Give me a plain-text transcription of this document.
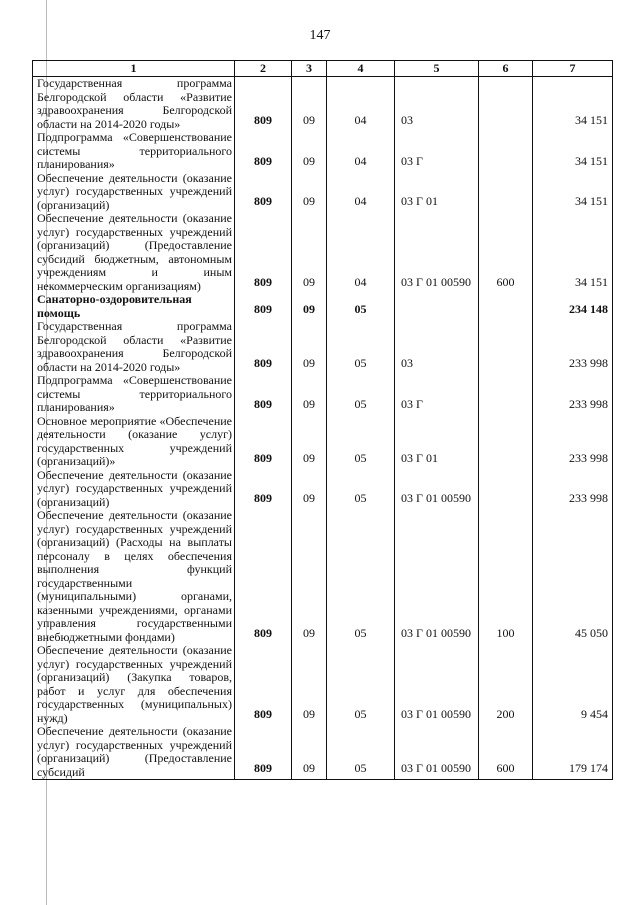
147
1	2	3	4	5	6	7
Государственная программа Белгородской области «Развитие здравоохранения Белгородской области на 2014-2020 годы»	809	09	04	03		34 151
Подпрограмма «Совершенствование системы территориального планирования»	809	09	04	03 Г		34 151
Обеспечение деятельности (оказание услуг) государственных учреждений (организаций)	809	09	04	03 Г 01		34 151
Обеспечение деятельности (оказание услуг) государственных учреждений (организаций) (Предоставление субсидий бюджетным, автономным учреждениям и иным некоммерческим организациям)	809	09	04	03 Г 01 00590	600	34 151
Санаторно-оздоровительная помощь	809	09	05			234 148
Государственная программа Белгородской области «Развитие здравоохранения Белгородской области на 2014-2020 годы»	809	09	05	03		233 998
Подпрограмма «Совершенствование системы территориального планирования»	809	09	05	03 Г		233 998
Основное мероприятие «Обеспечение деятельности (оказание услуг) государственных учреждений (организаций)»	809	09	05	03 Г 01		233 998
Обеспечение деятельности (оказание услуг) государственных учреждений (организаций)	809	09	05	03 Г 01 00590		233 998
Обеспечение деятельности (оказание услуг) государственных учреждений (организаций) (Расходы на выплаты персоналу в целях обеспечения выполнения функций государственными (муниципальными) органами, казенными учреждениями, органами управления государственными внебюджетными фондами)	809	09	05	03 Г 01 00590	100	45 050
Обеспечение деятельности (оказание услуг) государственных учреждений (организаций) (Закупка товаров, работ и услуг для обеспечения государственных (муниципальных) нужд)	809	09	05	03 Г 01 00590	200	9 454
Обеспечение деятельности (оказание услуг) государственных учреждений (организаций) (Предоставление субсидий	809	09	05	03 Г 01 00590	600	179 174
